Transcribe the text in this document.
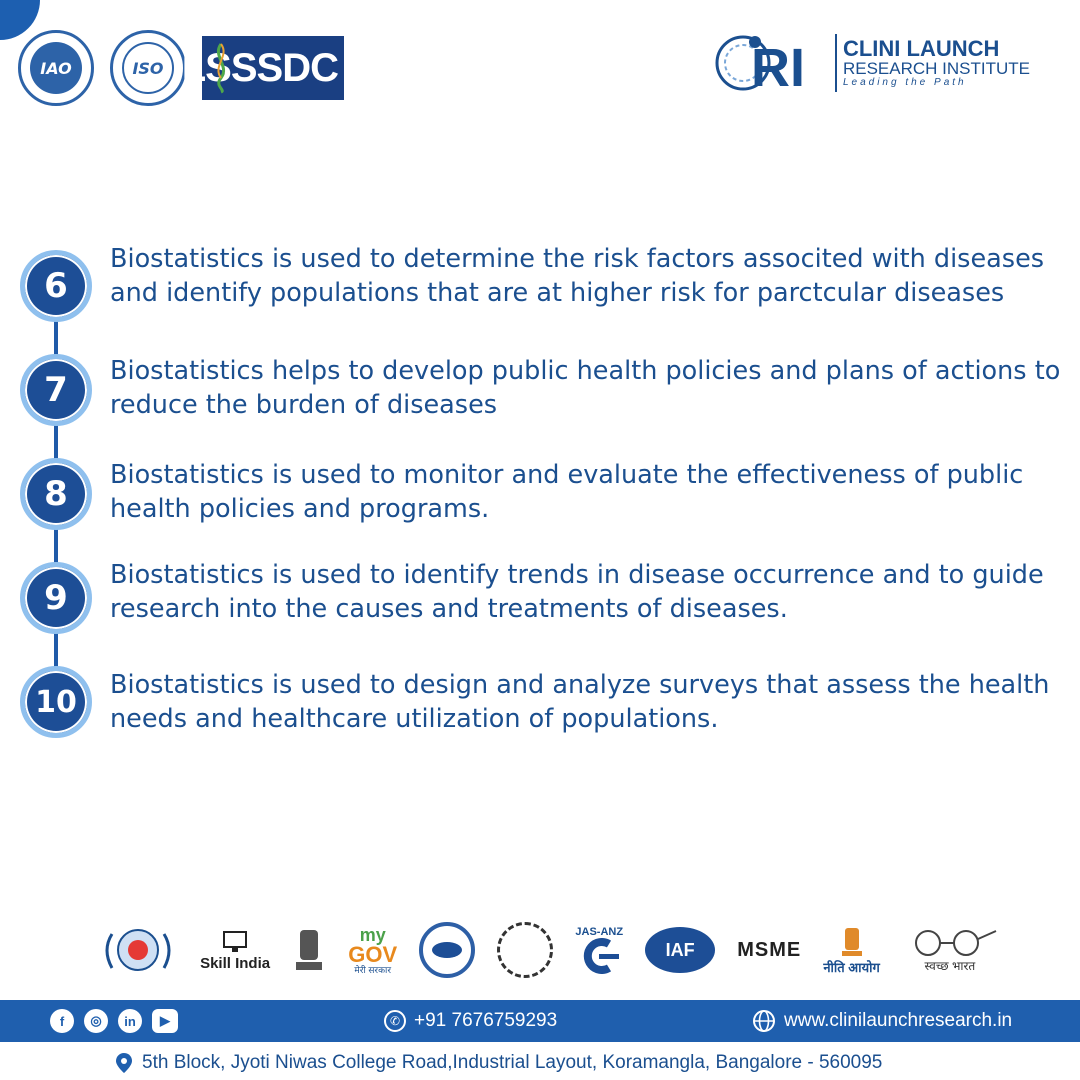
IAO	ISO LSSSDC	RI CLINI LAUNCH
RESEARCH INSTITUTE
Leading the Path
6
Biostatistics is used to determine the risk factors associted with diseases and identify populations that are at higher risk for parctcular diseases
7	Biostatistics helps to develop public health policies and plans of actions to reduce the burden of diseases
8	Biostatistics is used to monitor and evaluate the effectiveness of public health policies and programs.
9
Biostatistics is used to identify trends in disease occurrence and to guide research into the causes and treatments of diseases.
10	Biostatistics is used to design and analyze surveys that assess the health needs and healthcare utilization of populations.
Skill India
my
GOV
मेरी सरकार
JAS-ANZ
IAF	MSME
नीति आयोग	स्वच्छ भारत
f	◎	in	▶	✆ +91 7676759293	www.clinilaunchresearch.in
5th Block, Jyoti Niwas College Road,Industrial Layout, Koramangla, Bangalore - 560095
